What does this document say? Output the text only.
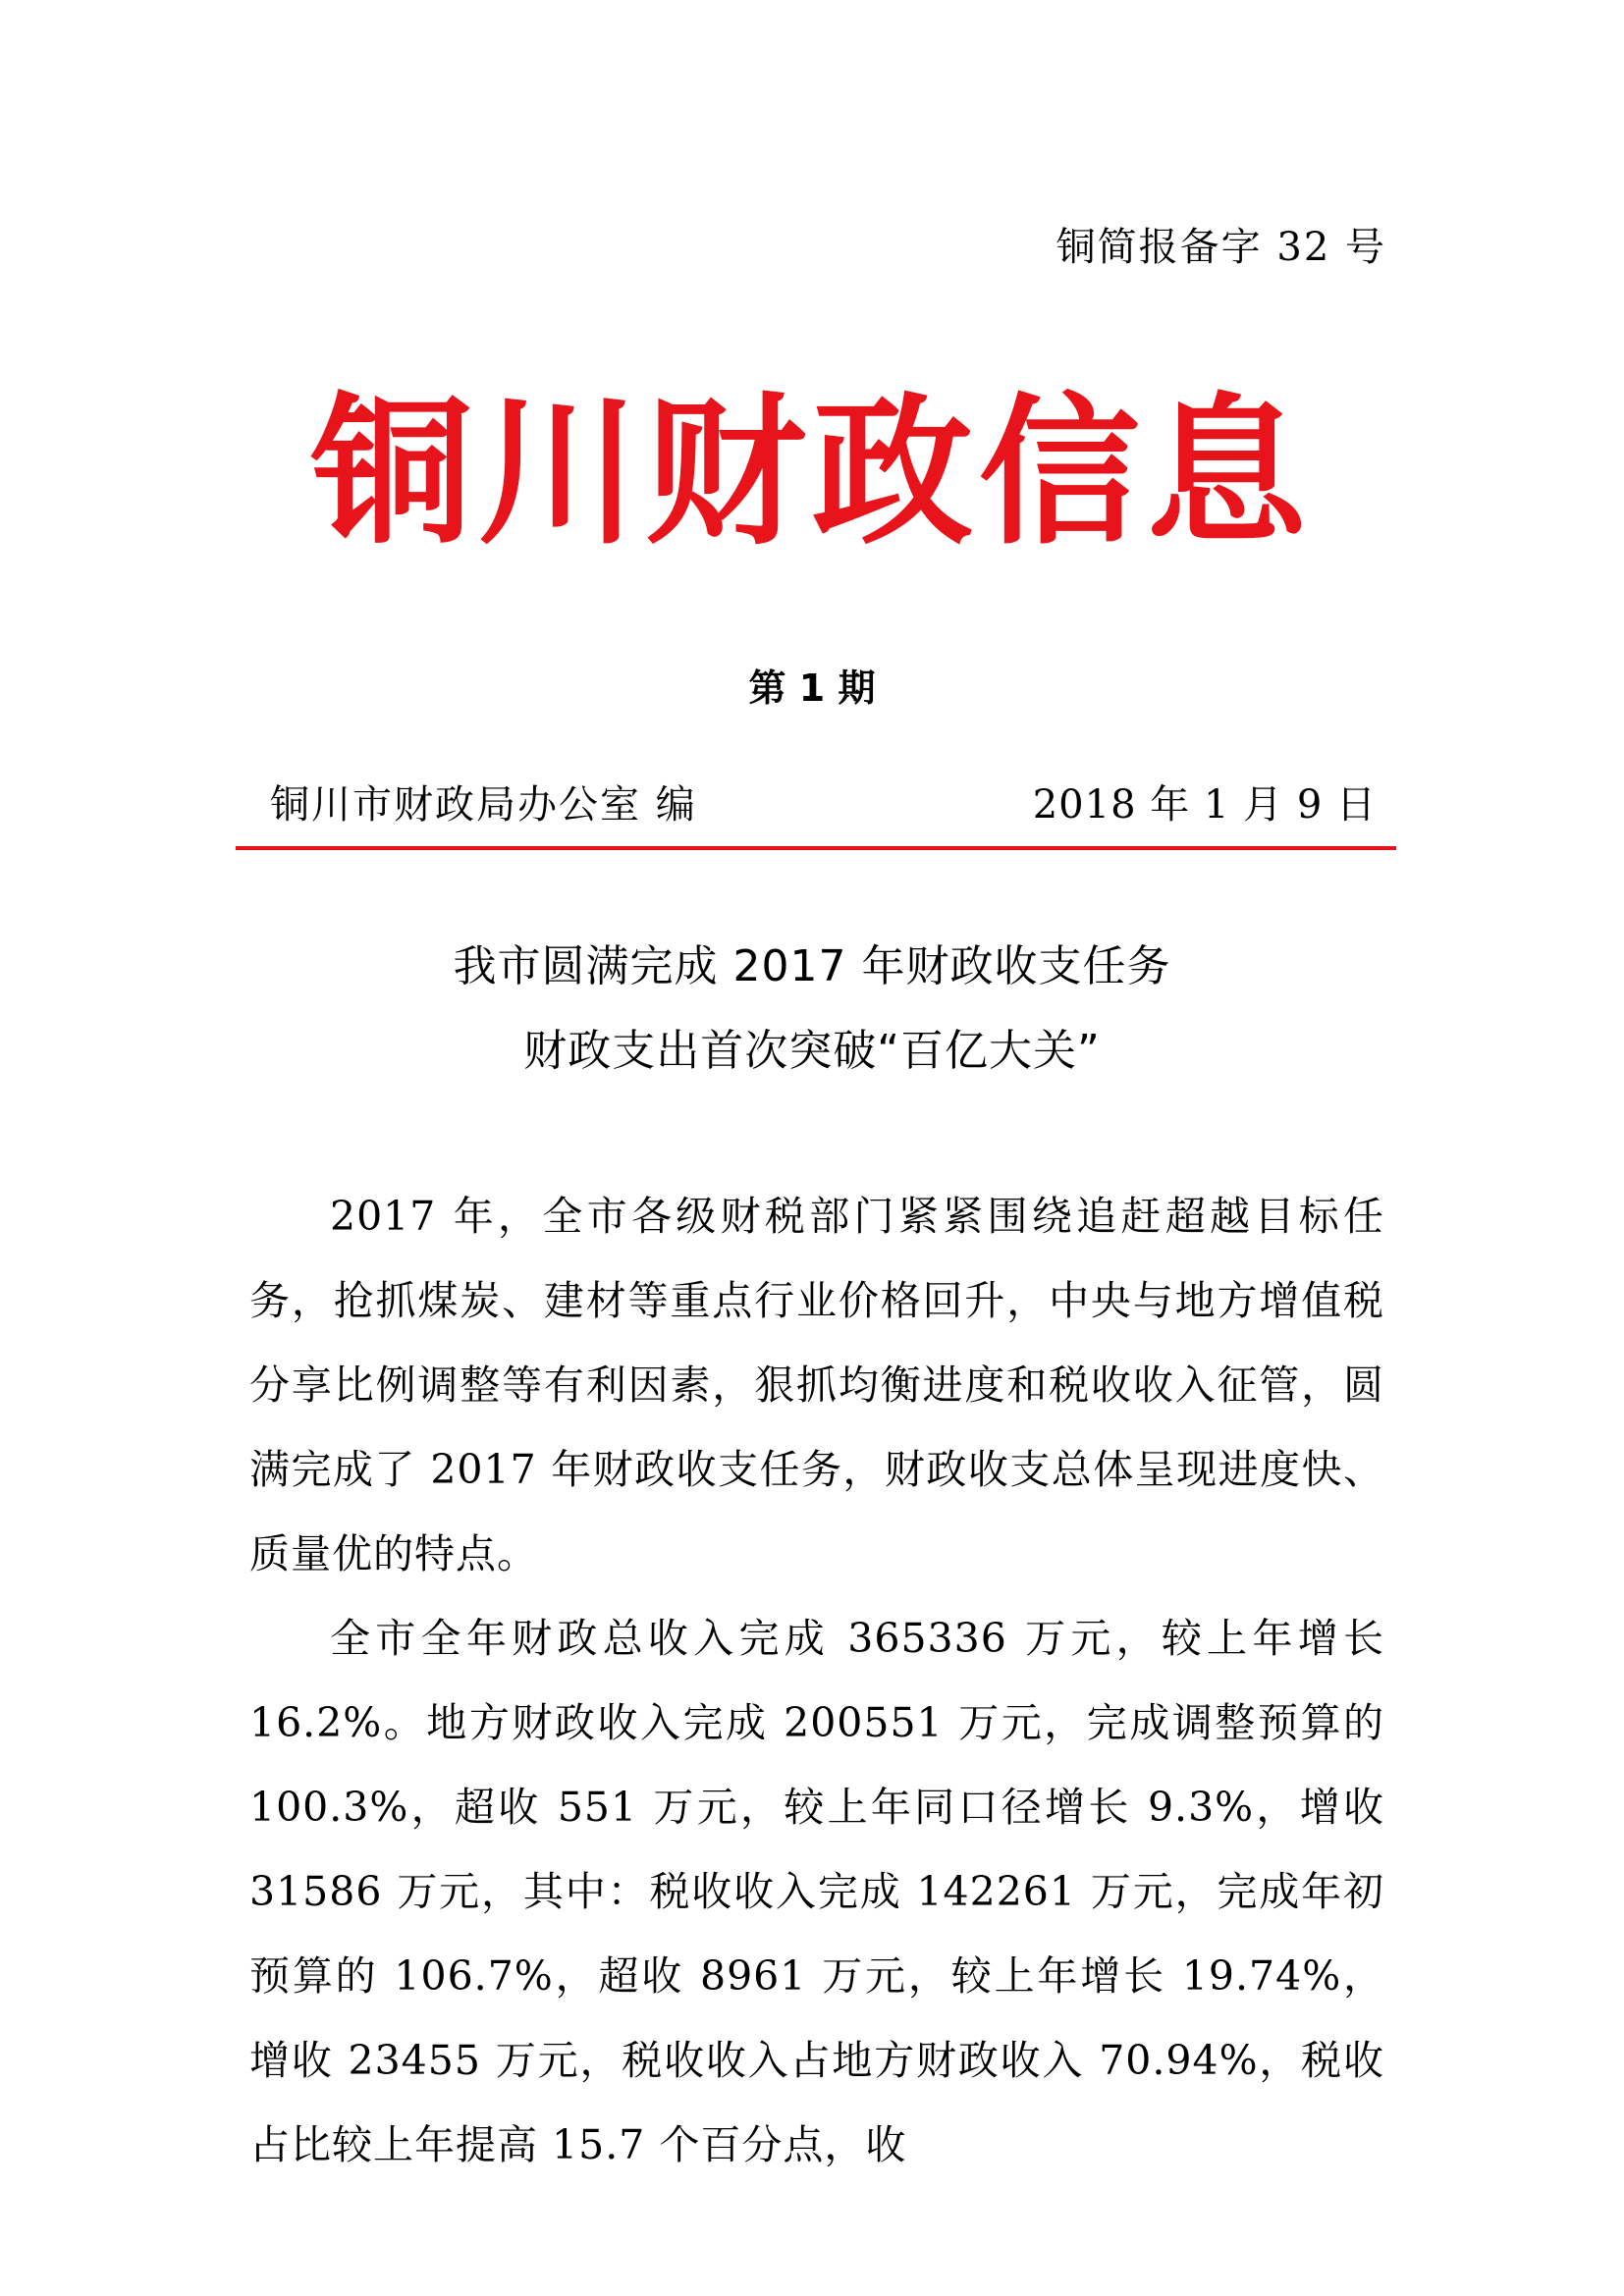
铜简报备字 32 号
铜川财政信息
第 1 期
铜川市财政局办公室 编	2018 年 1 月 9 日
我市圆满完成 2017 年财政收支任务
财政支出首次突破“百亿大关”

2017 年，全市各级财税部门紧紧围绕追赶超越目标任务，抢抓煤炭、建材等重点行业价格回升，中央与地方增值税分享比例调整等有利因素，狠抓均衡进度和税收收入征管，圆满完成了 2017 年财政收支任务，财政收支总体呈现进度快、质量优的特点。

全市全年财政总收入完成 365336 万元，较上年增长 16.2%。地方财政收入完成 200551 万元，完成调整预算的 100.3%，超收 551 万元，较上年同口径增长 9.3%，增收 31586 万元，其中：税收收入完成 142261 万元，完成年初预算的 106.7%，超收 8961 万元，较上年增长 19.74%，增收 23455 万元，税收收入占地方财政收入 70.94%，税收占比较上年提高 15.7 个百分点，收
